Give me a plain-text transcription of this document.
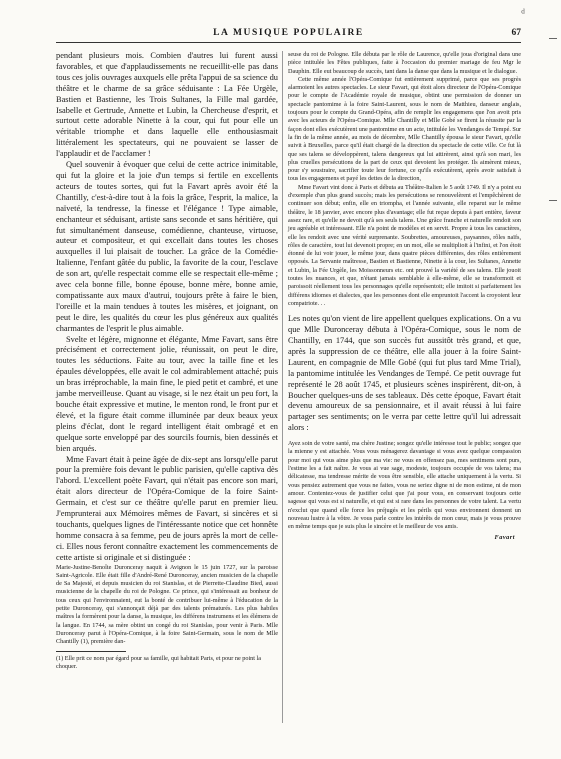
ᵈ
LA MUSIQUE POPULAIRE	67

pendant plusieurs mois. Combien d'autres lui furent aussi favorables, et que d'applaudissements ne recueillit-elle pas dans tous ces jolis ouvrages auxquels elle prêta l'appui de sa science du théâtre et le charme de sa grâce séduisante : La Fée Urgèle, Bastien et Bastienne, les Trois Sultanes, la Fille mal gardée, Isabelle et Gertrude, Annette et Lubin, la Chercheuse d'esprit, et surtout cette adorable Ninette à la cour, qui fut pour elle un véritable triomphe et dans laquelle elle enthousiasmait littéralement les spectateurs, qui ne pouvaient se lasser de l'applaudir et de l'acclamer !

Quel souvenir à évoquer que celui de cette actrice inimitable, qui fut la gloire et la joie d'un temps si fertile en excellents acteurs de toutes sortes, qui fut la Favart après avoir été la Chantilly, c'est-à-dire tout à la fois la grâce, l'esprit, la malice, la naïveté, la tendresse, la finesse et l'élégance ! Type aimable, enchanteur et séduisant, artiste sans seconde et sans héritière, qui fut simultanément danseuse, comédienne, chanteuse, virtuose, auteur et compositeur, et qui excellait dans toutes les choses auxquelles il lui plaisait de toucher. La grâce de la Comédie-Italienne, l'enfant gâtée du public, la favorite de la cour, l'esclave de son art, qu'elle respectait comme elle se respectait elle-même ; avec cela bonne fille, bonne épouse, bonne mère, bonne amie, compatissante aux maux d'autrui, toujours prête à faire le bien, l'oreille et la main tendues à toutes les misères, et joignant, on peut le dire, les qualités du cœur les plus généreux aux qualités charmantes de l'esprit le plus aimable.

Svelte et légère, mignonne et élégante, Mme Favart, sans être précisément et correctement jolie, réunissait, on peut le dire, toutes les séductions. Faite au tour, avec la taille fine et les épaules développées, elle avait le col admirablement attaché; puis un bras irréprochable, la main fine, le pied petit et cambré, et une jambe merveilleuse. Quant au visage, si le nez était un peu fort, la bouche était expressive et mutine, le menton rond, le front pur et élevé, et la figure était comme illuminée par deux beaux yeux pleins d'éclat, dont le regard intelligent était ombragé et en quelque sorte enveloppé par des sourcils fournis, bien dessinés et bien arqués.

Mme Favart était à peine âgée de dix-sept ans lorsqu'elle parut pour la première fois devant le public parisien, qu'elle captiva dès l'abord. L'excellent poète Favart, qui n'était pas encore son mari, était alors directeur de l'Opéra-Comique de la foire Saint-Germain, et c'est sur ce théâtre qu'elle parut en premier lieu. J'emprunterai aux Mémoires mêmes de Favart, si sincères et si touchants, quelques lignes de l'intéressante notice que cet honnête homme consacra à sa femme, peu de jours après la mort de celle-ci. Elles nous feront connaître exactement les commencements de cette artiste si originale et si distinguée :

Marie-Justine-Benoîte Duronceray naquit à Avignon le 15 juin 1727, sur la paroisse Saint-Agricole. Elle était fille d'André-René Duronceray, ancien musicien de la chapelle de Sa Majesté, et depuis musicien du roi Stanislas, et de Pierrette-Claudine Bied, aussi musicienne de la chapelle du roi de Pologne. Ce prince, qui s'intéressait au bonheur de tous ceux qui l'environnaient, eut la bonté de contribuer lui-même à l'éducation de la petite Duronceray, qui s'annonçait déjà par des talents prématurés. Les plus habiles maîtres la formèrent pour la danse, la musique, les différens instrumens et les élémens de la langue. En 1744, sa mère obtint un congé du roi Stanislas, pour venir à Paris. Mlle Duronceray parut à l'Opéra-Comique, à la foire Saint-Germain, sous le nom de Mlle Chantilly (1), première dan-

(1) Elle prit ce nom par égard pour sa famille, qui habitait Paris, et pour ne point la choquer.

seuse du roi de Pologne. Elle débuta par le rôle de Laurence, qu'elle joua d'original dans une pièce intitulée les Fêtes publiques, faite à l'occasion du premier mariage de feu Mgr le Dauphin. Elle eut beaucoup de succès, tant dans la danse que dans la musique et le dialogue.

Cette même année l'Opéra-Comique fut entièrement supprimé, parce que ses progrès alarmoient les autres spectacles. Le sieur Favart, qui étoit alors directeur de l'Opéra-Comique pour le compte de l'Académie royale de musique, obtint une permission de donner un spectacle pantomime à la foire Saint-Laurent, sous le nom de Matthieu, danseur anglais, toujours pour le compte du Grand-Opéra, afin de remplir les engagemens que l'on avoit pris avec les acteurs de l'Opéra-Comique. Mlle Chantilly et Mlle Gobé se firent la réussite par la façon dont elles exécutèrent une pantomime en un acte, intitulée les Vendanges de Tempé. Sur la fin de la même année, au mois de décembre, Mlle Chantilly épousa le sieur Favart, qu'elle suivit à Bruxelles, parce qu'il était chargé de la direction du spectacle de cette ville. Ce fut là que ses talens se développèrent, talens dangereux qui lui attirèrent, ainsi qu'à son mari, les plus cruelles persécutions de la part de ceux qui devoient les protéger. Ils aimèrent mieux, pour s'y soustraire, sacrifier toute leur fortune, ce qu'ils exécutèrent, après avoir satisfait à tous les engagemens et payé les dettes de la direction,

Mme Favart vint donc à Paris et débuta au Théâtre-Italien le 5 août 1749. Il n'y a point eu d'exemple d'un plus grand succès; mais les persécutions se renouvelèrent et l'empêchèrent de continuer son début; enfin, elle en triompha, et l'année suivante, elle reparut sur le même théâtre, le 18 janvier, avec encore plus d'avantage; elle fut reçue depuis à part entière, faveur assez rare, et qu'elle ne devoit qu'à ses seuls talens. Une grâce franche et naturelle rendoit son jeu agréable et intéressant. Elle n'a point de modèles et en servit. Propre à tous les caractères, elle les rendoit avec une vérité surprenante. Soubrettes, amoureuses, paysannes, rôles naïfs, rôles de caractère, tout lui devenoit propre; en un mot, elle se multiplioit à l'infini, et l'on étoit étonné de lui voir jouer, le même jour, dans quatre pièces différentes, des rôles entièrement opposés. La Servante maîtresse, Bastien et Bastienne, Ninette à la cour, les Sultanes, Annette et Lubin, la Fée Urgèle, les Moissonneurs etc. ont prouvé la variété de ses talens. Elle jouoit toutes les nuances, et que, n'étant jamais semblable à elle-même, elle se transformoit et paroissoit réellement tous les personnages qu'elle représentoit; elle imitoit si parfaitement les différens idiomes et dialectes, que les personnes dont elle empruntoit l'accent la croyoient leur compatriote. . .

Les notes qu'on vient de lire appellent quelques explications. On a vu que Mlle Duronceray débuta à l'Opéra-Comique, sous le nom de Chantilly, en 1744, que son succès fut aussitôt très grand, et que, après la suppression de ce théâtre, elle alla jouer à la foire Saint-Laurent, en compagnie de Mlle Gobé (qui fut plus tard Mme Trial), la pantomime intitulée les Vendanges de Tempé. Ce petit ouvrage fut représenté le 28 août 1745, et plusieurs scènes inspirèrent, dit-on, à Boucher quelques-uns de ses tableaux. Dès cette époque, Favart était devenu amoureux de sa pensionnaire, et il avait réussi à lui faire partager ses sentiments; on le verra par cette lettre qu'il lui adressait alors :

Ayez soin de votre santé, ma chère Justine; songez qu'elle intéresse tout le public; songez que la mienne y est attachée. Vous vous ménagerez davantage si vous avez quelque compassion pour moi qui vous aime plus que ma vie: ne vous en offensez pas, mes sentimens sont purs, l'estime les a fait naître. Je vous ai vue sage, modeste, toujours occupée de vos talens; ma délicatesse, ma tendresse mérite de vous être sensible, elle attache uniquement à la vertu. Si vous pensiez autrement que vous ne faites, vous ne seriez digne ni de mon estime, ni de mon amour. Contentez-vous de justifier celui que j'ai pour vous, en conservant toujours cette sagesse qui vous est si naturelle, et qui est si rare dans les personnes de votre talent. La vertu n'exclut que quand elle force les préjugés et les périls qui vous environnent donnent un nouveau lustre à la vôtre. Je vous parle contre les intérêts de mon cœur, mais je vous prouve en même temps que je suis plus le sincère et le meilleur de vos amis.

Favart
